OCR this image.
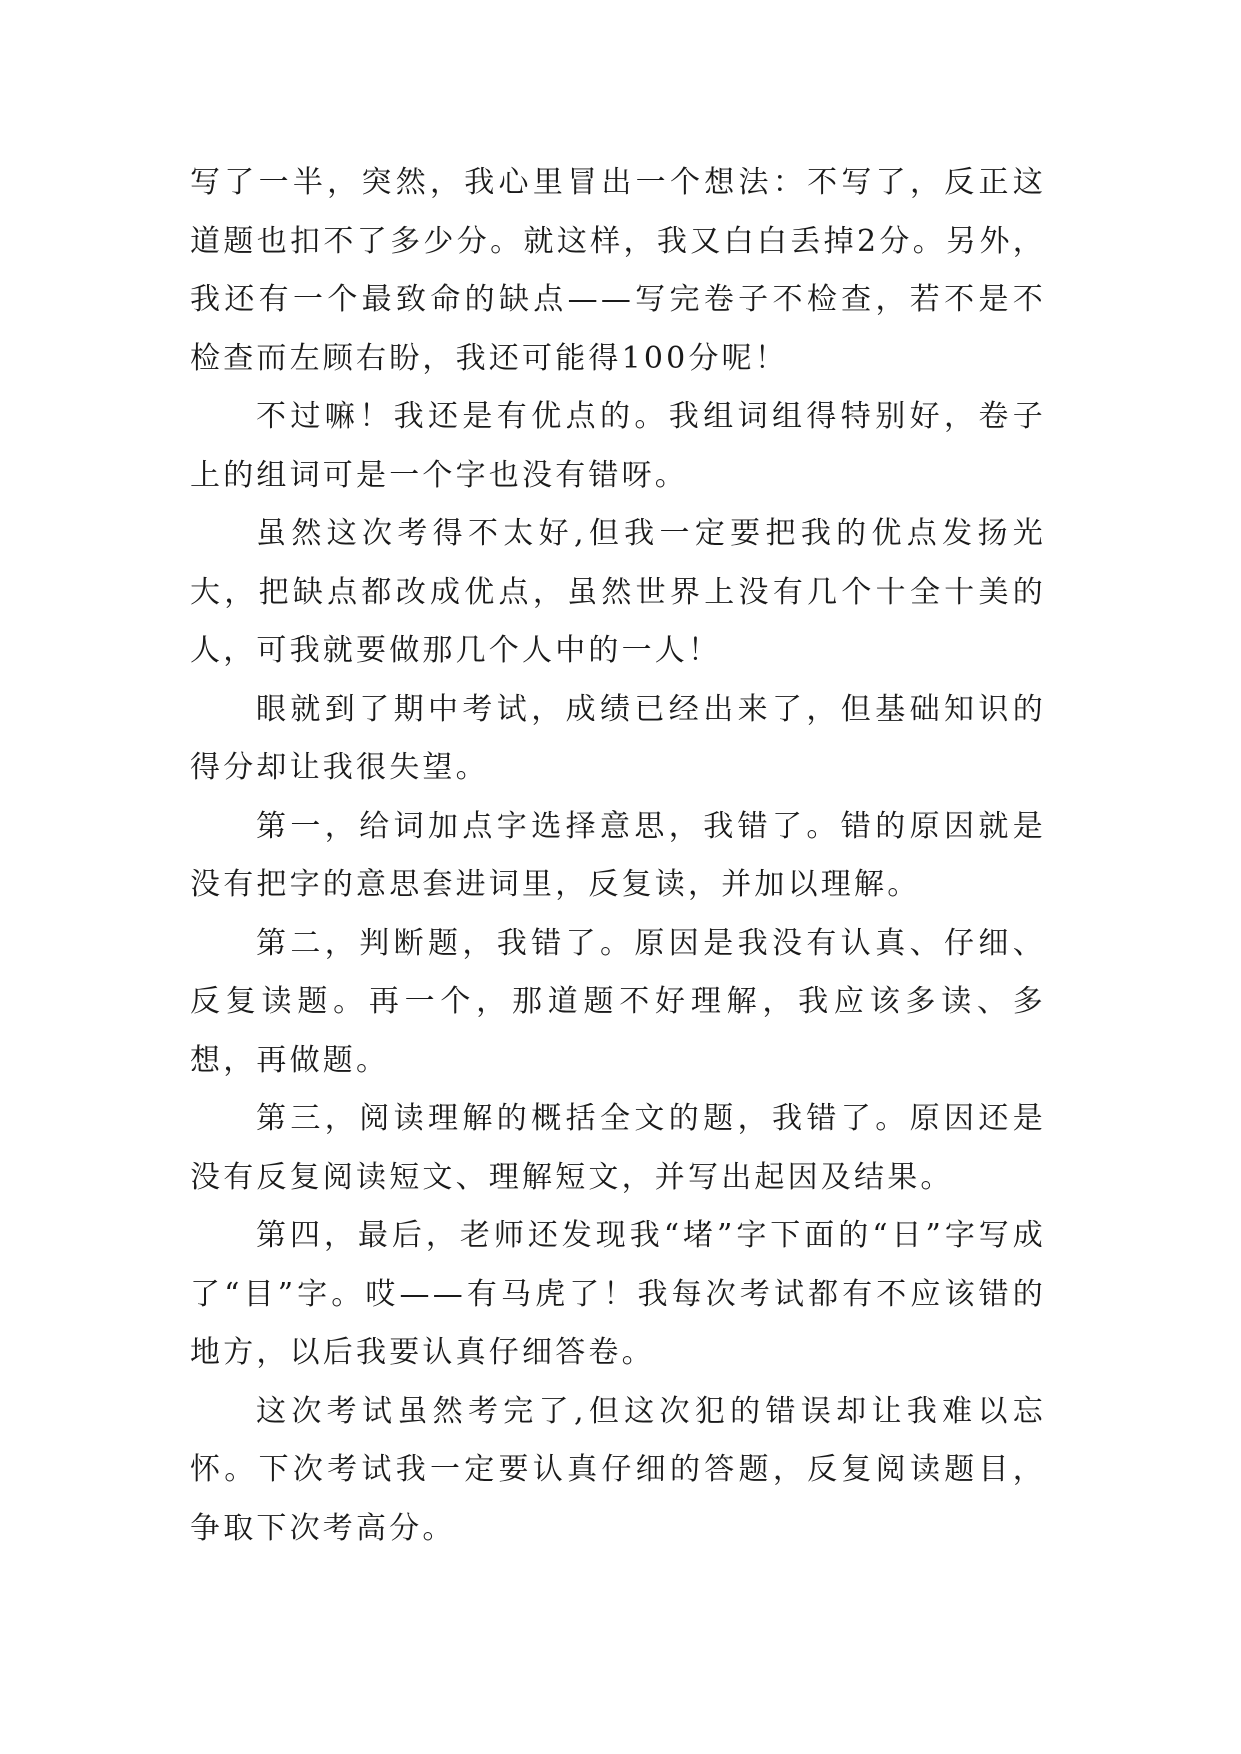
写了一半，突然，我心里冒出一个想法：不写了，反正这道题也扣不了多少分。就这样，我又白白丢掉2分。另外，我还有一个最致命的缺点——写完卷子不检查，若不是不检查而左顾右盼，我还可能得100分呢！

不过嘛！我还是有优点的。我组词组得特别好，卷子上的组词可是一个字也没有错呀。

虽然这次考得不太好,但我一定要把我的优点发扬光大，把缺点都改成优点，虽然世界上没有几个十全十美的人，可我就要做那几个人中的一人！

眼就到了期中考试，成绩已经出来了，但基础知识的得分却让我很失望。

第一，给词加点字选择意思，我错了。错的原因就是没有把字的意思套进词里，反复读，并加以理解。

第二，判断题，我错了。原因是我没有认真、仔细、反复读题。再一个，那道题不好理解，我应该多读、多想，再做题。

第三，阅读理解的概括全文的题，我错了。原因还是没有反复阅读短文、理解短文，并写出起因及结果。

第四，最后，老师还发现我“堵”字下面的“日”字写成了“目”字。哎——有马虎了！我每次考试都有不应该错的地方，以后我要认真仔细答卷。

这次考试虽然考完了,但这次犯的错误却让我难以忘怀。下次考试我一定要认真仔细的答题，反复阅读题目，争取下次考高分。
